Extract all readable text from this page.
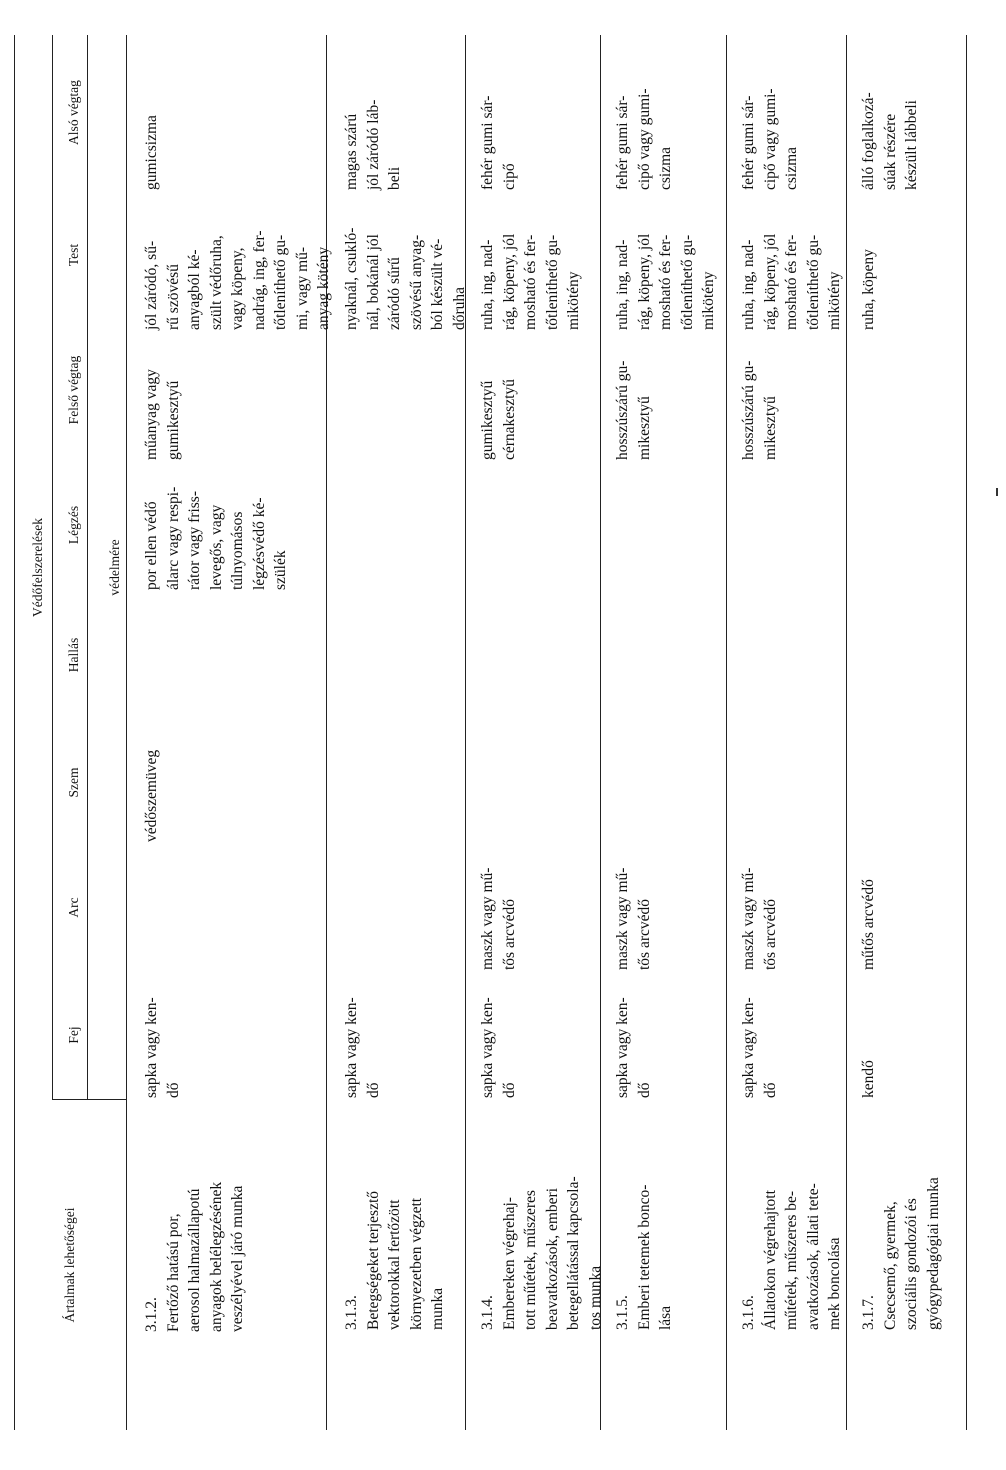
Ártalmak lehetőségei
Védőfelszerelések	védelmére
Fej
Arc
Szem
Hallás
Légzés
Felső végtag
Test
Alsó végtag
3.1.2.
Fertőző hatású por,
aerosol halmazállapotú
anyagok belélegzésének
veszélyével járó munka
sapka vagy ken-
dő
védőszemüveg
por ellen védő
álarc vagy respi-
rátor vagy friss-
levegős, vagy
túlnyomásos
légzésvédő ké-
szülék
műanyag vagy
gumikesztyű
jól záródó, sű-
rű szövésű
anyagból ké-
szült védőruha,
vagy köpeny,
nadrág, ing, fer-
tőtleníthető gu-
mi, vagy mű-
anyag kötény
gumicsizma
3.1.3.
Betegségeket terjesztő
vektorokkal fertőzött
környezetben végzett
munka
sapka vagy ken-
dő
nyaknál, csukló-
nál, bokánál jól
záródó sűrű
szövésű anyag-
ból készült vé-
dőruha
magas szárú
jól záródó láb-
beli
3.1.4.
Embereken végrehaj-
tott műtétek, műszeres
beavatkozások, emberi
betegellátással kapcsola-
tos munka
sapka vagy ken-
dő
maszk vagy mű-
tős arcvédő
gumikesztyű
cérnakesztyű
ruha, ing, nad-
rág, köpeny, jól
mosható és fer-
tőtleníthető gu-
mikötény
fehér gumi sár-
cipő
3.1.5.
Emberi tetemek bonco-
lása
sapka vagy ken-
dő
maszk vagy mű-
tős arcvédő
hosszúszárú gu-
mikesztyű
ruha, ing, nad-
rág, köpeny, jól
mosható és fer-
tőtleníthető gu-
mikötény
fehér gumi sár-
cipő vagy gumi-
csizma
3.1.6.
Állatokon végrehajtott
műtétek, műszeres be-
avatkozások, állati tete-
mek boncolása
sapka vagy ken-
dő
maszk vagy mű-
tős arcvédő
hosszúszárú gu-
mikesztyű
ruha, ing, nad-
rág, köpeny, jól
mosható és fer-
tőtleníthető gu-
mikötény
fehér gumi sár-
cipő vagy gumi-
csizma
3.1.7.
Csecsemő, gyermek,
szociális gondozói és
gyógypedagógiai munka
kendő
műtős arcvédő
ruha, köpeny
álló foglalkozá-
súak részére
készült lábbeli
